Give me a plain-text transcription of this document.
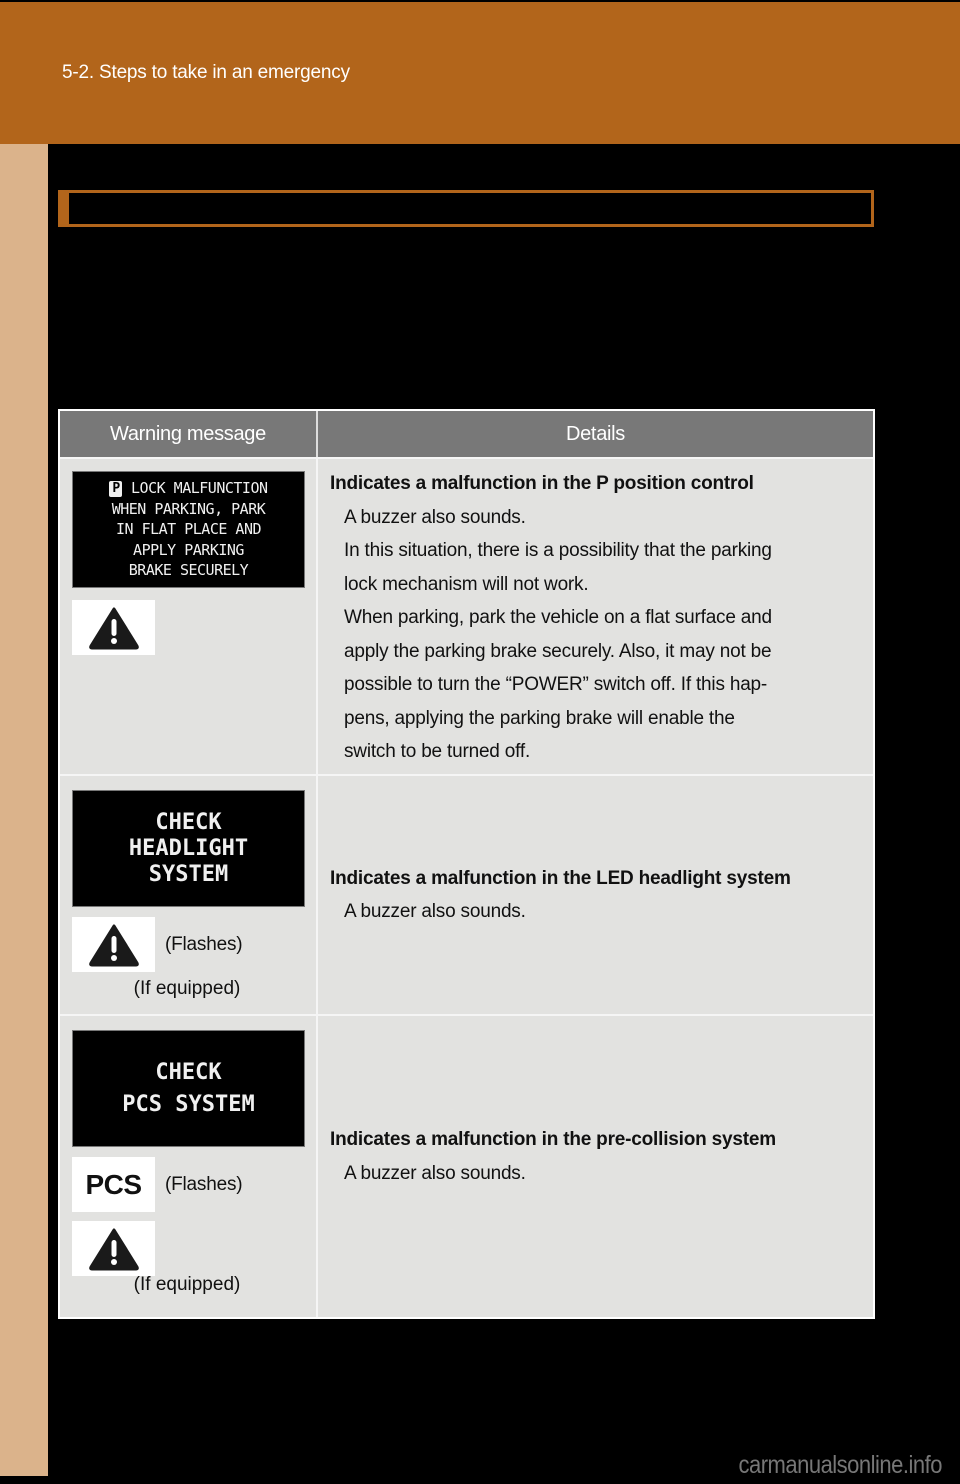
5-2. Steps to take in an emergency
Warning message	Details
P LOCK MALFUNCTION
WHEN PARKING, PARK
IN FLAT PLACE AND
APPLY PARKING
BRAKE SECURELY
Indicates a malfunction in the P position control
A buzzer also sounds.
In this situation, there is a possibility that the parking
lock mechanism will not work.
When parking, park the vehicle on a flat surface and
apply the parking brake securely. Also, it may not be
possible to turn the “POWER” switch off. If this hap-
pens, applying the parking brake will enable the
switch to be turned off.
CHECK
HEADLIGHT
SYSTEM
(Flashes)
(If equipped)
Indicates a malfunction in the LED headlight system
A buzzer also sounds.
CHECK
PCS SYSTEM
PCS (Flashes)
(If equipped)
Indicates a malfunction in the pre-collision system
A buzzer also sounds.
carmanualsonline.info
